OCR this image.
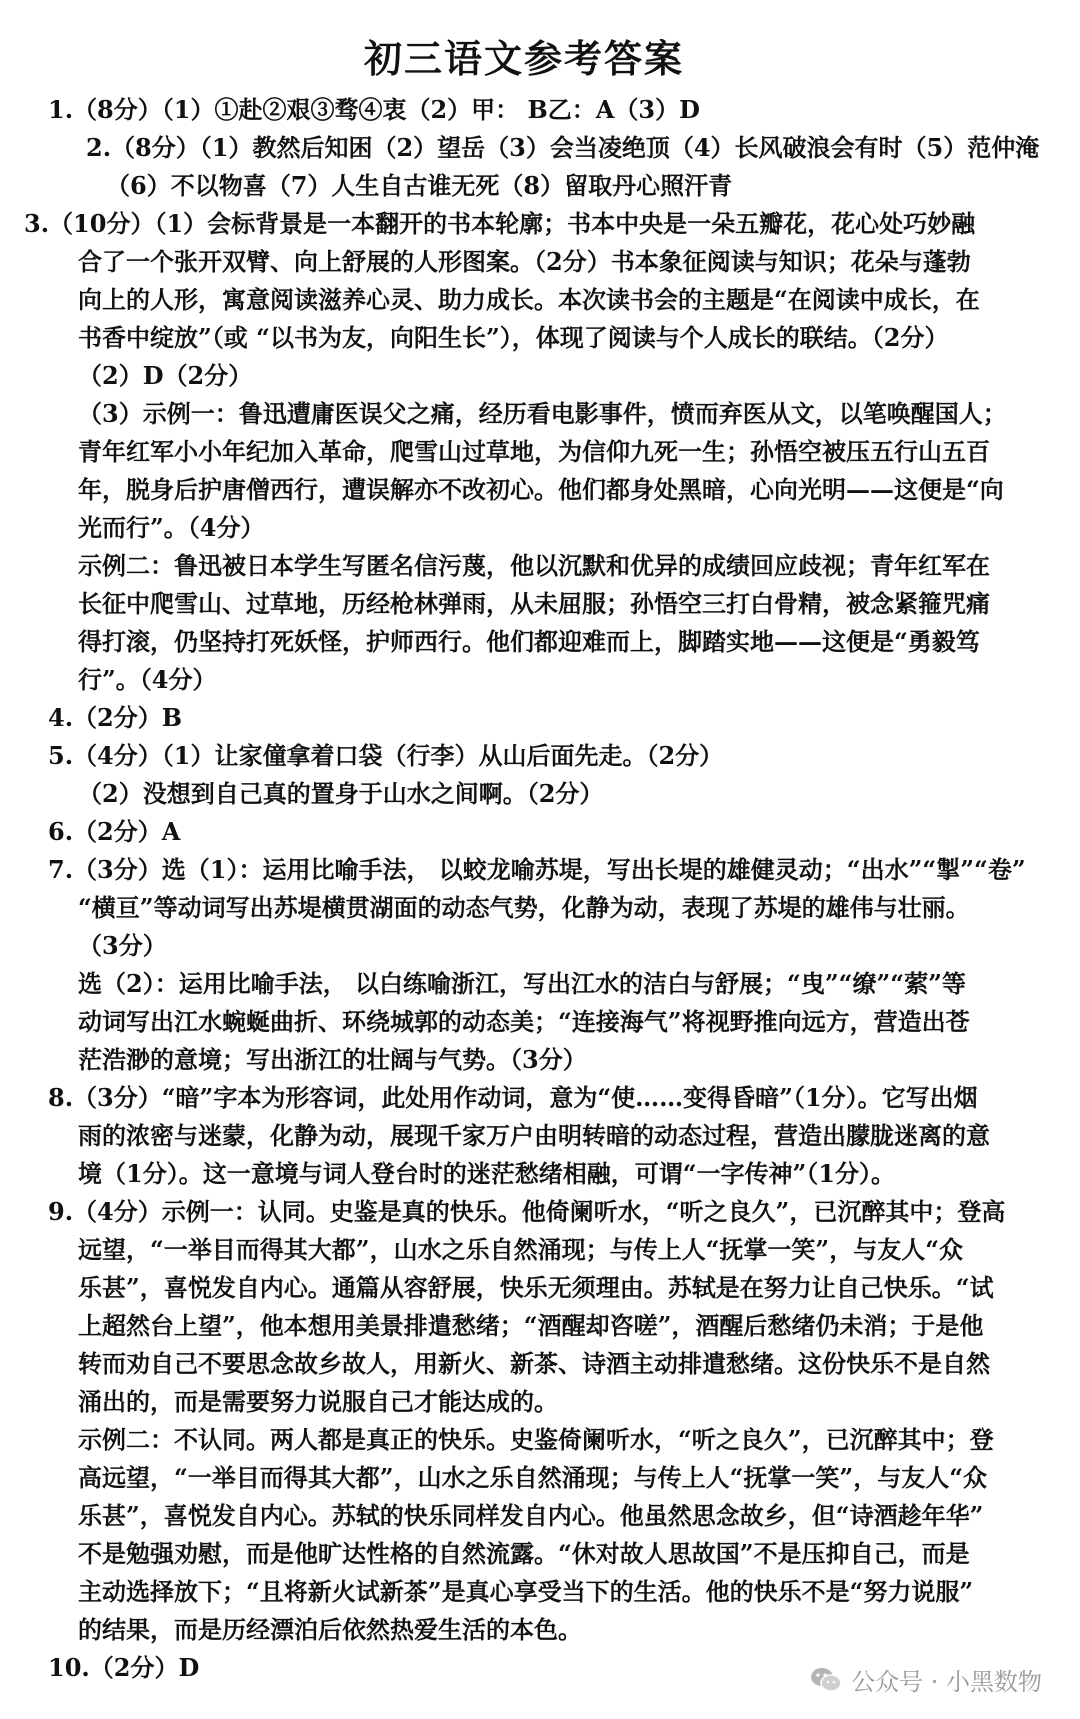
初三语文参考答案
1.（8分）（1）①赴②艰③骛④衷（2）甲： B乙：A（3）D
2.（8分）（1）教然后知困（2）望岳（3）会当凌绝顶（4）长风破浪会有时（5）范仲淹
（6）不以物喜（7）人生自古谁无死（8）留取丹心照汗青
3.（10分）（1）会标背景是一本翻开的书本轮廓；书本中央是一朵五瓣花，花心处巧妙融
合了一个张开双臂、向上舒展的人形图案。（2分）书本象征阅读与知识；花朵与蓬勃
向上的人形，寓意阅读滋养心灵、助力成长。本次读书会的主题是“在阅读中成长，在
书香中绽放”（或 “以书为友，向阳生长”），体现了阅读与个人成长的联结。（2分）
（2）D（2分）
（3）示例一：鲁迅遭庸医误父之痛，经历看电影事件，愤而弃医从文，以笔唤醒国人；
青年红军小小年纪加入革命，爬雪山过草地，为信仰九死一生；孙悟空被压五行山五百
年，脱身后护唐僧西行，遭误解亦不改初心。他们都身处黑暗，心向光明——这便是“向
光而行”。（4分）
示例二：鲁迅被日本学生写匿名信污蔑，他以沉默和优异的成绩回应歧视；青年红军在
长征中爬雪山、过草地，历经枪林弹雨，从未屈服；孙悟空三打白骨精，被念紧箍咒痛
得打滚，仍坚持打死妖怪，护师西行。他们都迎难而上，脚踏实地——这便是“勇毅笃
行”。（4分）
4.（2分）B
5.（4分）（1）让家僮拿着口袋（行李）从山后面先走。（2分）
（2）没想到自己真的置身于山水之间啊。（2分）
6.（2分）A
7.（3分）选（1）：运用比喻手法， 以蛟龙喻苏堤，写出长堤的雄健灵动；“出水”“掣”“卷”
“横亘”等动词写出苏堤横贯湖面的动态气势，化静为动，表现了苏堤的雄伟与壮丽。
（3分）
选（2）：运用比喻手法， 以白练喻浙江，写出江水的洁白与舒展；“曳”“缭”“萦”等
动词写出江水蜿蜒曲折、环绕城郭的动态美；“连接海气”将视野推向远方，营造出苍
茫浩渺的意境；写出浙江的壮阔与气势。（3分）
8.（3分）“暗”字本为形容词，此处用作动词，意为“使……变得昏暗”（1分）。它写出烟
雨的浓密与迷蒙，化静为动，展现千家万户由明转暗的动态过程，营造出朦胧迷离的意
境（1分）。这一意境与词人登台时的迷茫愁绪相融，可谓“一字传神”（1分）。
9.（4分）示例一：认同。史鉴是真的快乐。他倚阑听水，“听之良久”，已沉醉其中；登高
远望，“一举目而得其大都”，山水之乐自然涌现；与传上人“抚掌一笑”，与友人“众
乐甚”，喜悦发自内心。通篇从容舒展，快乐无须理由。苏轼是在努力让自己快乐。“试
上超然台上望”，他本想用美景排遣愁绪；“酒醒却咨嗟”，酒醒后愁绪仍未消；于是他
转而劝自己不要思念故乡故人，用新火、新茶、诗酒主动排遣愁绪。这份快乐不是自然
涌出的，而是需要努力说服自己才能达成的。
示例二：不认同。两人都是真正的快乐。史鉴倚阑听水，“听之良久”，已沉醉其中；登
高远望，“一举目而得其大都”，山水之乐自然涌现；与传上人“抚掌一笑”，与友人“众
乐甚”，喜悦发自内心。苏轼的快乐同样发自内心。他虽然思念故乡，但“诗酒趁年华”
不是勉强劝慰，而是他旷达性格的自然流露。“休对故人思故国”不是压抑自己，而是
主动选择放下；“且将新火试新茶”是真心享受当下的生活。他的快乐不是“努力说服”
的结果，而是历经漂泊后依然热爱生活的本色。
10.（2分）D	公众号 · 小黑数物
